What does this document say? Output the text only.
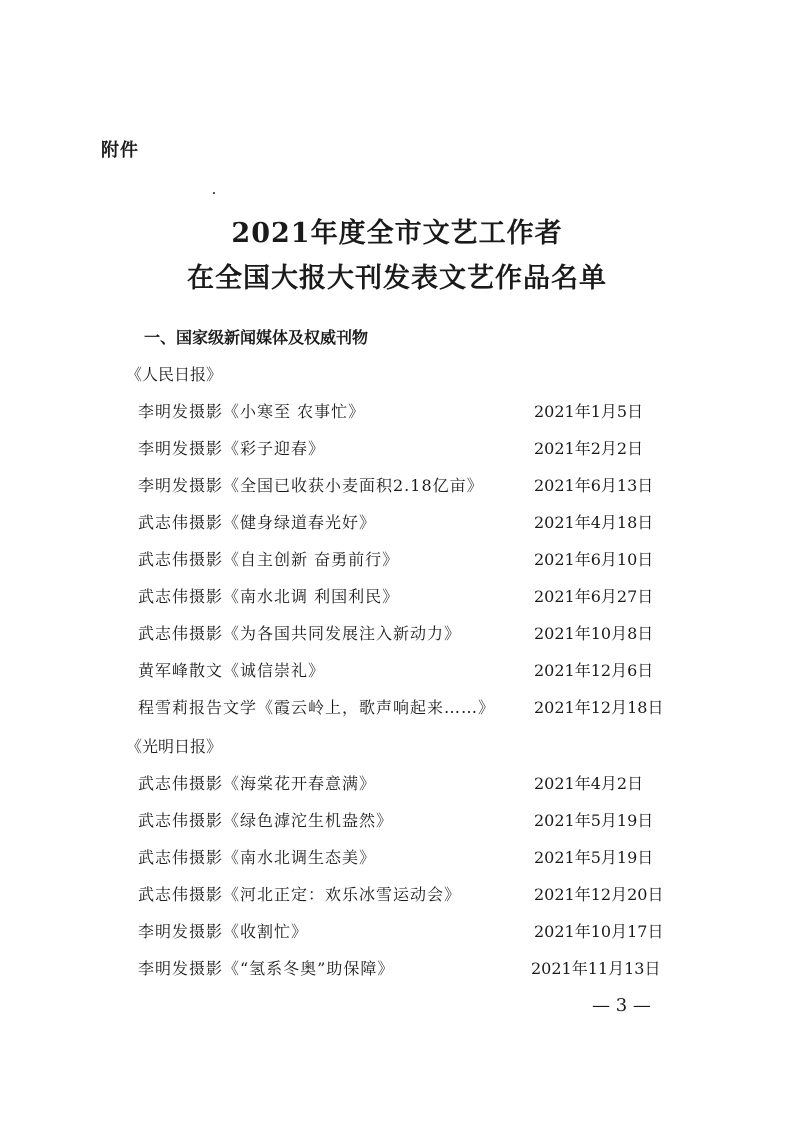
附件
2021年度全市文艺工作者
在全国大报大刊发表文艺作品名单
一、国家级新闻媒体及权威刊物
《人民日报》
李明发摄影《小寒至 农事忙》	2021年1月5日
李明发摄影《彩子迎春》	2021年2月2日
李明发摄影《全国已收获小麦面积2.18亿亩》	2021年6月13日
武志伟摄影《健身绿道春光好》	2021年4月18日
武志伟摄影《自主创新 奋勇前行》	2021年6月10日
武志伟摄影《南水北调 利国利民》	2021年6月27日
武志伟摄影《为各国共同发展注入新动力》	2021年10月8日
黄军峰散文《诚信崇礼》	2021年12月6日
程雪莉报告文学《霞云岭上，歌声响起来……》 2021年12月18日
《光明日报》
武志伟摄影《海棠花开春意满》	2021年4月2日
武志伟摄影《绿色滹沱生机盎然》	2021年5月19日
武志伟摄影《南水北调生态美》	2021年5月19日
武志伟摄影《河北正定：欢乐冰雪运动会》	2021年12月20日
李明发摄影《收割忙》	2021年10月17日
李明发摄影《“氢系冬奥”助保障》	2021年11月13日
— 3 —
